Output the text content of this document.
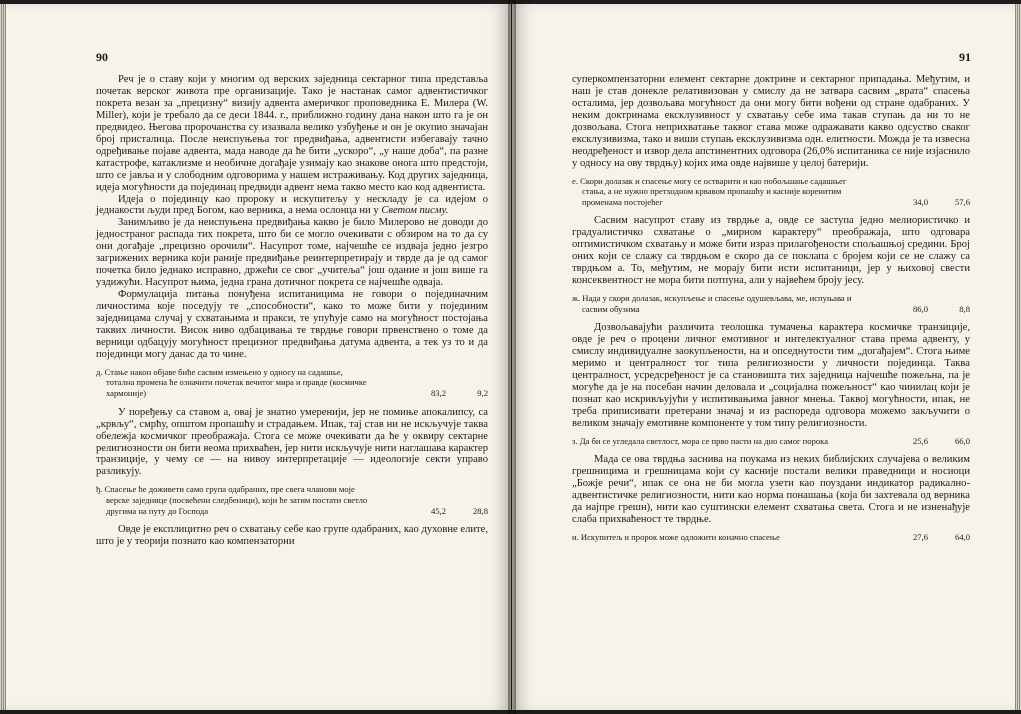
90

Реч је о ставу који у многим од верских заједница сектарног типа представља почетак верског живота пре организације. Тако је настанак самог адвентистичког покрета везан за „прецизну“ визију адвента америчког проповедника Е. Милера (W. Miller), који је требало да се деси 1844. г., приближно годину дана након што га је он предвидео. Његова пророчанства су изазвала велико узбуђење и он је окупио значајан број присталица. После неиспуњења тог предвиђања, адвентисти избегавају тачно одређивање појаве адвента, мада наводе да ће бити „ускоро“, „у наше доба“, па разне катастрофе, катаклизме и необичне догађаје узимају као знакове онога што предстоји, што се јавља и у слободним одговорима у нашем истраживању. Код других заједница, идеја могућности да појединац предвиди адвент нема такво место као код адвентиста.

Идеја о појединцу као пророку и искупитељу у нескладу је са идејом о једнакости људи пред Богом, као верника, а нема ослонца ни у Светом писму.

Занимљиво је да неиспуњена предвиђања какво је било Милерово не доводи до једностраног распада тих покрета, што би се могло очекивати с обзиром на то да су они догађаје „прецизно орочили“. Насупрот томе, најчешће се издваја једно језгро загрижених верника који раније предвиђање реинтерпретирају и тврде да је од самог почетка било једнако исправно, држећи се свог „учитеља“ још одание и још више га уздижући. Насупрот њима, једна грана дотичног покрета се најчешће одваја.

Формулација питања понуђена испитаницима не говори о појединачним личностима које поседују те „способности“, како то може бити у појединим заједницама случај у схватањима и пракси, те упућује само на могућност постојања таквих личности. Висок ниво одбацивања те тврдње говори првенствено о томе да верници одбацују могућност прецизног предвиђања датума адвента, а тек уз то и да појединци могу данас да то чине.

д. Стање након објаве биће сасвим измењено у односу на садашње, тотална промена ће означити почетак вечитог мира и правде (космичке хармоније)	83,2	9,2

У поређењу са ставом а, овај је знатно умеренији, јер не помиње апокалипсу, са „крвљу“, смрћу, општом пропашћу и страдањем. Ипак, тај став ни не искључује таква обележја космичког преображаја. Стога се може очекивати да ће у оквиру сектарне религиозности он бити веома прихваћен, јер нити искључује нити наглашава карактер транзиције, у чему се — на нивоу интерпретације — идеологије секти управо разликују.

ђ. Спасење ће доживети само група одабраних, пре свега чланови моје верске заједнице (посвећени следбеници), који ће затим постати светло другима на путу до Господа	45,2	28,8

Овде је експлицитно реч о схватању себе као групе одабраних, као духовне елите, што је у теорији познато као компензаторни

91

суперкомпензаторни елемент сектарне доктрине и сектарног припадања. Међутим, и наш је став донекле релативизован у смислу да не затвара сасвим „врата“ спасења осталима, јер дозвољава могућност да они могу бити вођени од стране одабраних. У неким доктринама ексклузивност у схватању себе има такав ступањ да ни то не дозвољава. Стога неприхватање таквог става може одражавати какво одсуство сваког ексклузивизма, тако и виши ступањ ексклузивизма одн. елитности. Можда је та извесна неодређеност и извор дела апстинентних одговора (26,0% испитаника се није изјаснило у односу на ову тврдњу) којих има овде највише у целој батерији.

е. Скори долазак и спасење могу се остварити и као побољшање садашњег стања, а не нужно претходном крвавом пропашћу и касније коренитим променама постојећег	34,0	57,6

Сасвим насупрот ставу из тврдње а, овде се заступа једно мелиористичко и градуалистичко схватање о „мирном карактеру“ преображаја, што одговара оптимистичком схватању и може бити израз прилагођености спољашњој средини. Број оних који се слажу са тврдњом е скоро да се поклапа с бројем који се не слажу са тврдњом а. То, међутим, не морају бити исти испитаници, јер у њиховој свести консеквентност не мора бити потпуна, али у највећем броју јесу.

ж. Нада у скори долазак, искупљење и спасење одушевљава, ме, испуњава и сасвим обузима	86,0	8,8

Дозвољавајући различита теолошка тумачења карактера космичке транзиције, овде је реч о процени личног емотивног и интелектуалног става према адвенту, у смислу индивидуалне заокупљености, на и опседнутости тим „догађајем“. Стога њиме меримо и централност тог типа религиозности у личности појединца. Таква централност, усредсређеност је са становишта тих заједница најчешће пожељна, па је могуће да је на посебан начин деловала и „социјална пожељност“ као чинилац који је познат као искривљујући у испитивањима јавног мнења. Таквој могућности, ипак, не треба приписивати претерани значај и из распореда одговора можемо закључити о великом значају емотивне компоненте у том типу религиозности.

з. Да би се угледала светлост, мора се прво пасти на дно самог порока	25,6	66,0

Мада се ова тврдња заснива на поукама из неких библијских случајева о великим грешницима и грешницама који су касније постали велики праведници и носиоци „Божје речи“, ипак се она не би могла узети као поуздани индикатор радикално-адвентистичке религиозности, нити као норма понашања (која би захтевала од верника да најпре грешн), нити као суштински елемент схватања света. Стога и не изненађује слаба прихваћеност те тврдње.

и. Искупитељ и пророк може одложити коначно спасење	27,6	64,0
